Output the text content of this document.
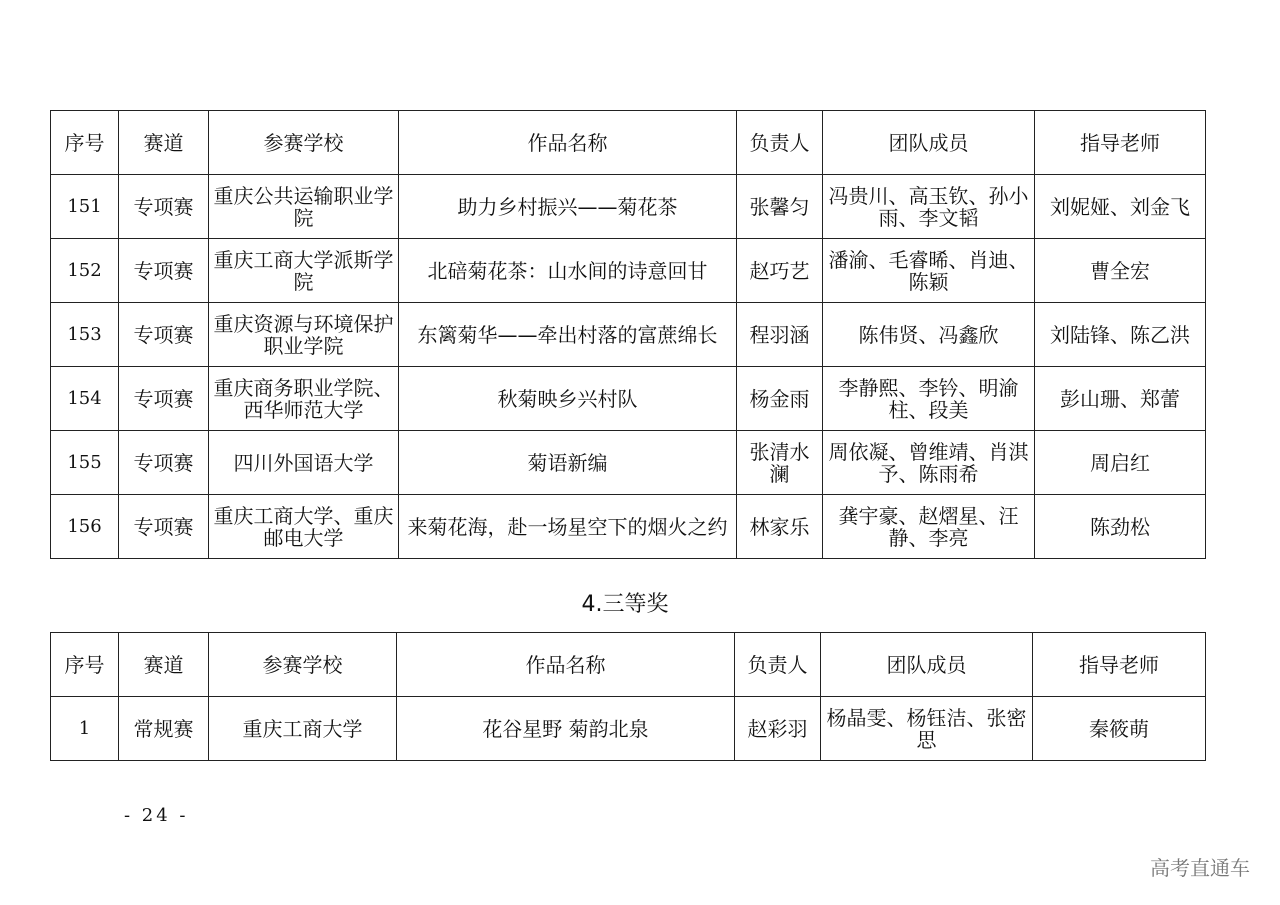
序号	赛道	参赛学校	作品名称	负责人	团队成员	指导老师
151	专项赛	重庆公共运输职业学院	助力乡村振兴——菊花茶	张馨匀	冯贵川、高玉钦、孙小雨、李文韬	刘妮娅、刘金飞
152	专项赛	重庆工商大学派斯学院	北碚菊花茶：山水间的诗意回甘	赵巧艺	潘渝、毛睿晞、肖迪、陈颖	曹全宏
153	专项赛	重庆资源与环境保护职业学院	东篱菊华——牵出村落的富蔗绵长	程羽涵	陈伟贤、冯鑫欣	刘陆锋、陈乙洪
154	专项赛	重庆商务职业学院、西华师范大学	秋菊映乡兴村队	杨金雨	李静熙、李钤、明渝柱、段美	彭山珊、郑蕾
155	专项赛	四川外国语大学	菊语新编	张清水澜	周依凝、曾维靖、肖淇予、陈雨希	周启红
156	专项赛	重庆工商大学、重庆邮电大学	来菊花海，赴一场星空下的烟火之约	林家乐	龚宇豪、赵熠星、汪静、李亮	陈劲松
4.三等奖
序号	赛道	参赛学校	作品名称	负责人	团队成员	指导老师
1	常规赛	重庆工商大学	花谷星野 菊韵北泉	赵彩羽	杨晶雯、杨钰洁、张密思	秦筱萌
- 24 -
高考直通车
